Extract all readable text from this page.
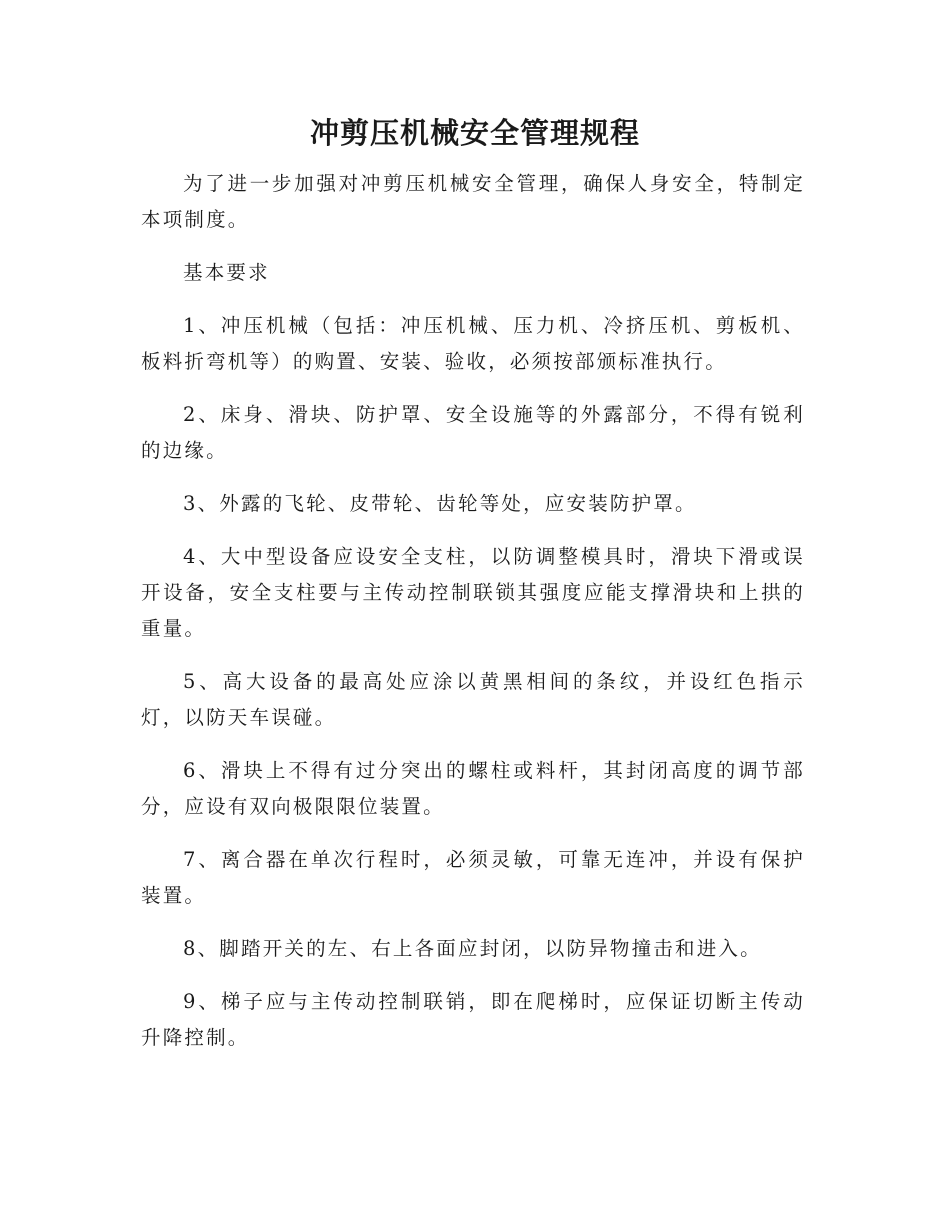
冲剪压机械安全管理规程

为了进一步加强对冲剪压机械安全管理，确保人身安全，特制定本项制度。

基本要求

1、冲压机械（包括：冲压机械、压力机、冷挤压机、剪板机、板料折弯机等）的购置、安装、验收，必须按部颁标准执行。

2、床身、滑块、防护罩、安全设施等的外露部分，不得有锐利的边缘。

3、外露的飞轮、皮带轮、齿轮等处，应安装防护罩。

4、大中型设备应设安全支柱，以防调整模具时，滑块下滑或误开设备，安全支柱要与主传动控制联锁其强度应能支撑滑块和上拱的重量。

5、高大设备的最高处应涂以黄黑相间的条纹，并设红色指示灯，以防天车误碰。

6、滑块上不得有过分突出的螺柱或料杆，其封闭高度的调节部分，应设有双向极限限位装置。

7、离合器在单次行程时，必须灵敏，可靠无连冲，并设有保护装置。

8、脚踏开关的左、右上各面应封闭，以防异物撞击和进入。

9、梯子应与主传动控制联销，即在爬梯时，应保证切断主传动升降控制。
